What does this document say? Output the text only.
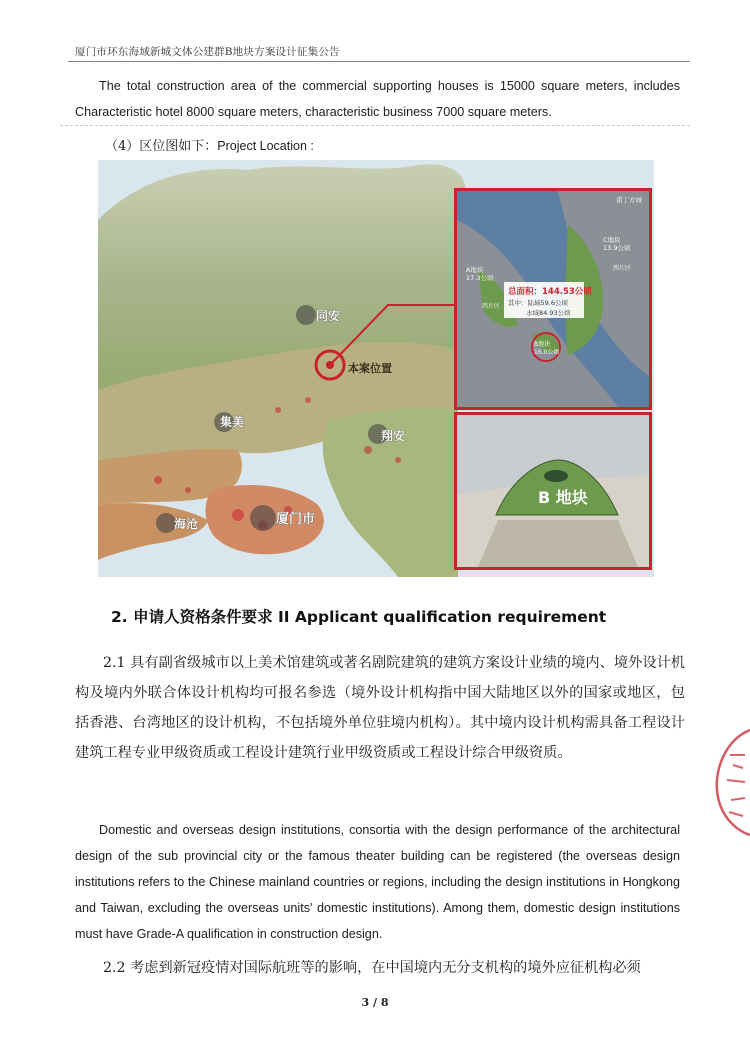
厦门市环东海域新城文体公建群B地块方案设计征集公告
The total construction area of the commercial supporting houses is 15000 square meters, includes Characteristic hotel 8000 square meters, characteristic business 7000 square meters.
（4）区位图如下：Project Location :
本案位置
同安
集美
翔安
海沧	厦门市
总面积：144.53公顷
其中：陆域59.6公顷
水域84.93公顷
A地块
17.3公顷
C地块
13.9公顷
B地块
16.0公顷
诺丁方城
西片区
西片区
B 地块
2. 申请人资格条件要求 II Applicant qualification requirement
2.1 具有副省级城市以上美术馆建筑或著名剧院建筑的建筑方案设计业绩的境内、境外设计机构及境内外联合体设计机构均可报名参选（境外设计机构指中国大陆地区以外的国家或地区，包括香港、台湾地区的设计机构，不包括境外单位驻境内机构）。其中境内设计机构需具备工程设计建筑工程专业甲级资质或工程设计建筑行业甲级资质或工程设计综合甲级资质。
Domestic and overseas design institutions, consortia with the design performance of the architectural design of the sub provincial city or the famous theater building can be registered (the overseas design institutions refers to the Chinese mainland countries or regions, including the design institutions in Hongkong and Taiwan, excluding the overseas units' domestic institutions). Among them, domestic design institutions must have Grade-A qualification in construction design.
2.2 考虑到新冠疫情对国际航班等的影响，在中国境内无分支机构的境外应征机构必须
3 / 8
